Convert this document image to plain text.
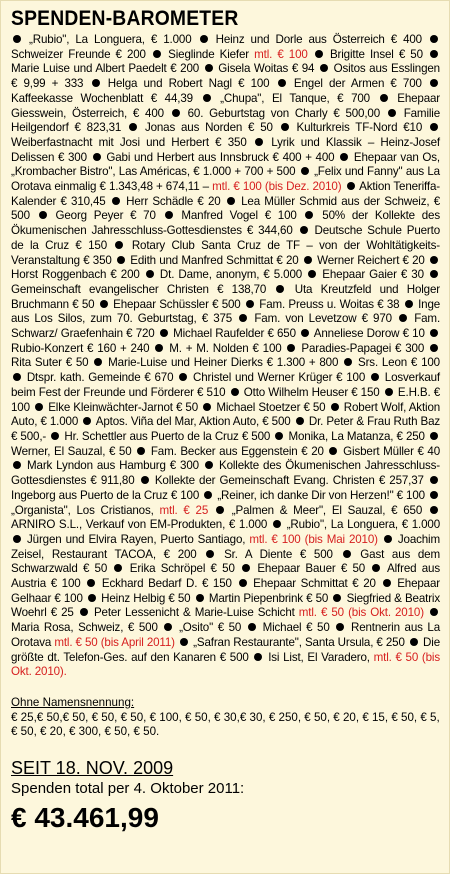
SPENDEN-BAROMETER
„Rubio", La Longuera, € 1.000 Heinz und Dorle aus Österreich € 400  Schweizer Freunde € 200 Sieglinde Kiefer mtl. € 100 Brigitte Insel € 50  Marie Luise und Albert Paedelt € 200 Gisela Woitas € 94 Ositos aus Esslingen € 9,99 + 333 Helga und Robert Nagl € 100 Engel der Armen € 700  Kaffeekasse Wochenblatt € 44,39 „Chupa", El Tanque, € 700 Ehepaar Giesswein, Österreich, € 400 60. Geburtstag von Charly € 500,00 Familie Heilgendorf € 823,31 Jonas aus Norden € 50 Kulturkreis TF-Nord €10  Weiberfastnacht mit Josi und Herbert € 350 Lyrik und Klassik – Heinz-Josef Delissen € 300 Gabi und Herbert aus Innsbruck € 400 + 400 Ehepaar van Os, „Krombacher Bistro", Las Américas, € 1.000 + 700 + 500 „Felix und Fanny" aus La Orotava einmalig € 1.343,48 + 674,11 – mtl. € 100 (bis Dez. 2010) Aktion Teneriffa-Kalender € 310,45 Herr Schädle € 20 Lea Müller Schmid aus der Schweiz, € 500 Georg Peyer € 70 Manfred Vogel € 100 50% der Kollekte des Ökumenischen Jahresschluss-Gottesdienstes € 344,60 Deutsche Schule Puerto de la Cruz € 150 Rotary Club Santa Cruz de TF – von der Wohltätigkeits-Veranstaltung € 350 Edith und Manfred Schmittat € 20 Werner Reichert € 20  Horst Roggenbach € 200 Dt. Dame, anonym, € 5.000 Ehepaar Gaier € 30  Gemeinschaft evangelischer Christen € 138,70 Uta Kreutzfeld und Holger Bruchmann € 50 Ehepaar Schüssler € 500 Fam. Preuss u. Woitas € 38 Inge aus Los Silos, zum 70. Geburtstag, € 375 Fam. von Levetzow € 970 Fam. Schwarz/ Graefenhain € 720 Michael Raufelder € 650 Anneliese Dorow € 10  Rubio-Konzert € 160 + 240 M. + M. Nolden € 100 Paradies-Papagei € 300  Rita Suter € 50 Marie-Luise und Heiner Dierks € 1.300 + 800 Srs. Leon € 100  Dtspr. kath. Gemeinde € 670 Christel und Werner Krüger € 100 Losverkauf beim Fest der Freunde und Förderer € 510 Otto Wilhelm Heuser € 150 E.H.B. € 100 Elke Kleinwächter-Jarnot € 50 Michael Stoetzer € 50 Robert Wolf, Aktion Auto, € 1.000 Aptos. Viña del Mar, Aktion Auto, € 500 Dr. Peter & Frau Ruth Baz € 500,- Hr. Schettler aus Puerto de la Cruz € 500 Monika, La Matanza, € 250  Werner, El Sauzal, € 50 Fam. Becker aus Eggenstein € 20 Gisbert Müller € 40  Mark Lyndon aus Hamburg € 300 Kollekte des Ökumenischen Jahresschluss-Gottesdienstes € 911,80 Kollekte der Gemeinschaft Evang. Christen € 257,37  Ingeborg aus Puerto de la Cruz € 100 „Reiner, ich danke Dir von Herzen!" € 100  „Organista", Los Cristianos, mtl. € 25 „Palmen & Meer", El Sauzal, € 650  ARNIRO S.L., Verkauf von EM-Produkten, € 1.000 „Rubio", La Longuera, € 1.000  Jürgen und Elvira Rayen, Puerto Santiago, mtl. € 100 (bis Mai 2010) Joachim Zeisel, Restaurant TACOA, € 200 Sr. A Diente € 500 Gast aus dem Schwarzwald € 50 Erika Schröpel € 50 Ehepaar Bauer € 50 Alfred aus Austria € 100 Eckhard Bedarf D. € 150 Ehepaar Schmittat € 20 Ehepaar Gelhaar € 100 Heinz Helbig € 50 Martin Piepenbrink € 50 Siegfried & Beatrix Woehrl € 25 Peter Lessenicht & Marie-Luise Schicht mtl. € 50 (bis Okt. 2010)  Maria Rosa, Schweiz, € 500 „Osito" € 50 Michael € 50 Rentnerin aus La Orotava mtl. € 50 (bis April 2011) „Safran Restaurante", Santa Ursula, € 250 Die größte dt. Telefon-Ges. auf den Kanaren € 500 Isi List, El Varadero, mtl. € 50 (bis Okt. 2010).
Ohne Namensnennung:
€ 25,€ 50,€ 50, € 50, € 50, € 100, € 50, € 30,€ 30, € 250, € 50, € 20, € 15, € 50, € 5, € 50, € 20, € 300, € 50, € 50.
SEIT 18. NOV. 2009
Spenden total per 4. Oktober 2011:
€ 43.461,99
